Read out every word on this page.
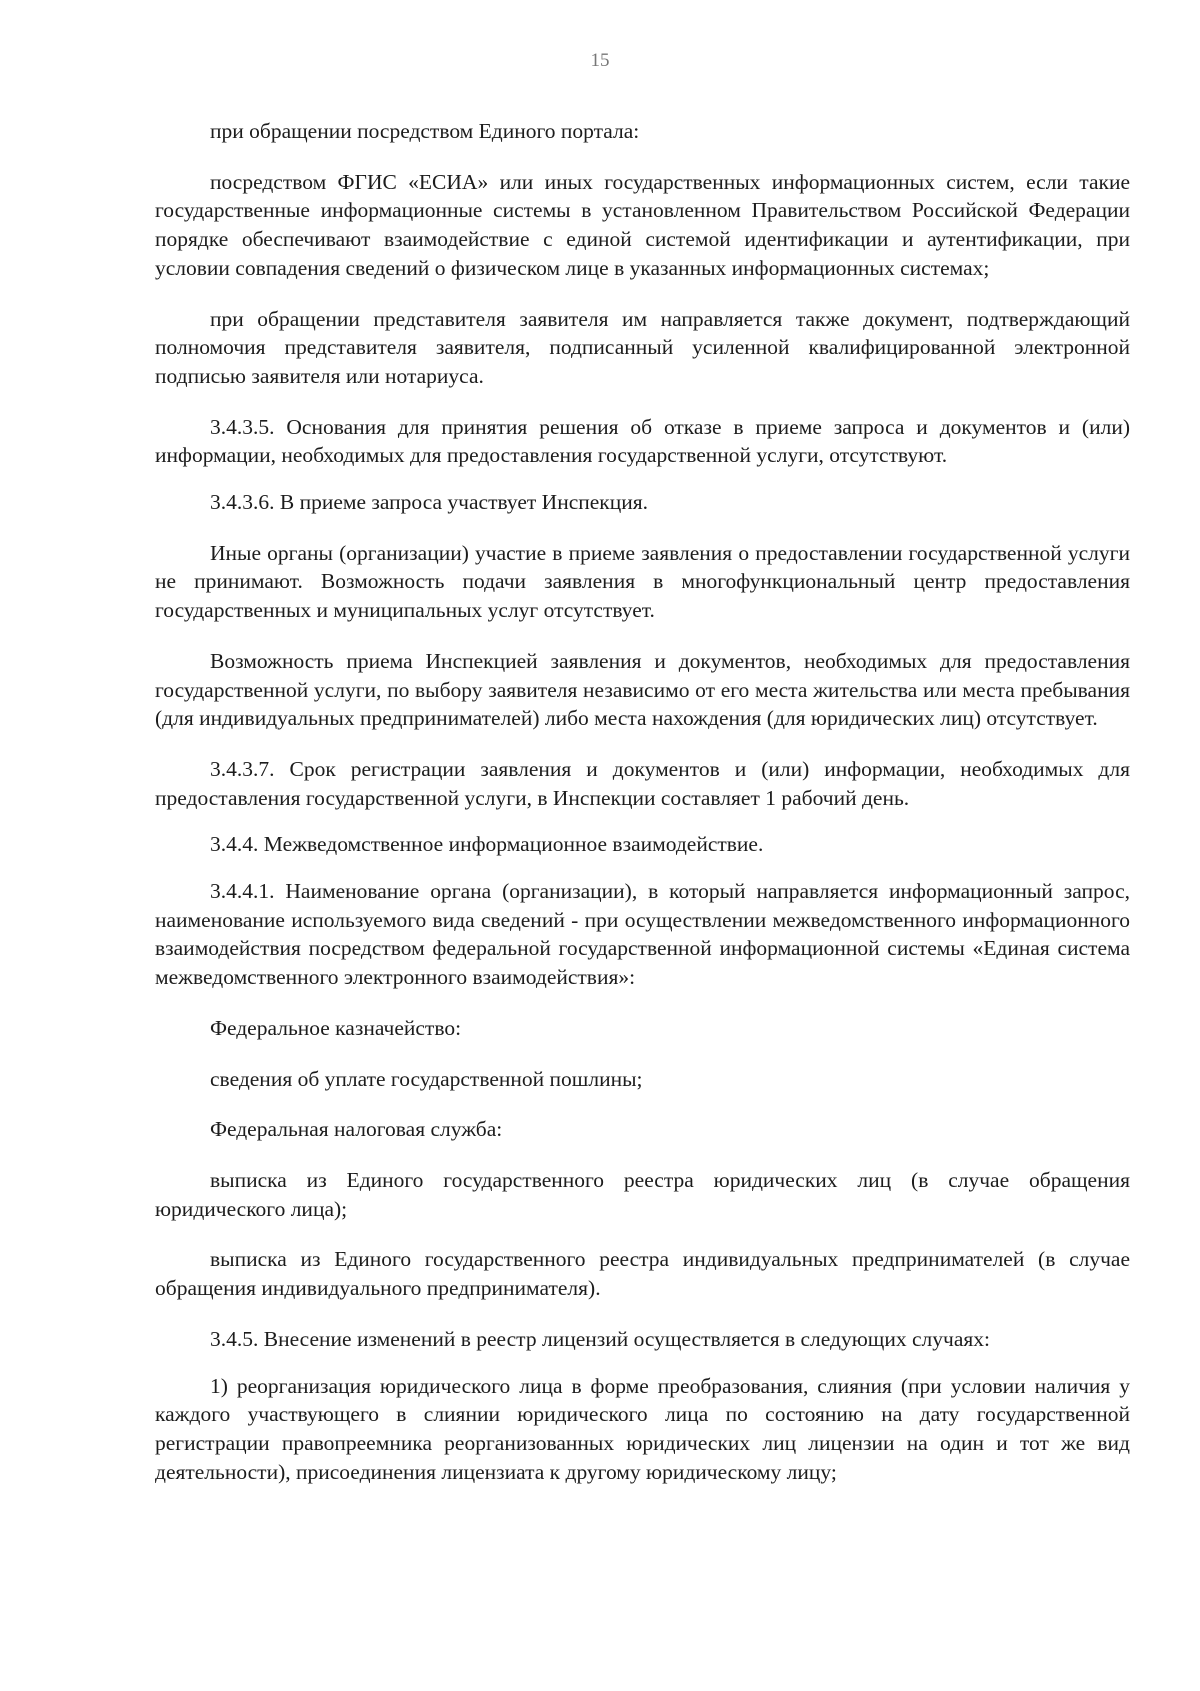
15

при обращении посредством Единого портала:

посредством ФГИС «ЕСИА» или иных государственных информационных систем, если такие государственные информационные системы в установленном Правительством Российской Федерации порядке обеспечивают взаимодействие с единой системой идентификации и аутентификации, при условии совпадения сведений о физическом лице в указанных информационных системах;

при обращении представителя заявителя им направляется также документ, подтверждающий полномочия представителя заявителя, подписанный усиленной квалифицированной электронной подписью заявителя или нотариуса.

3.4.3.5. Основания для принятия решения об отказе в приеме запроса и документов и (или) информации, необходимых для предоставления государственной услуги, отсутствуют.

3.4.3.6. В приеме запроса участвует Инспекция.

Иные органы (организации) участие в приеме заявления о предоставлении государственной услуги не принимают. Возможность подачи заявления в многофункциональный центр предоставления государственных и муниципальных услуг отсутствует.

Возможность приема Инспекцией заявления и документов, необходимых для предоставления государственной услуги, по выбору заявителя независимо от его места жительства или места пребывания (для индивидуальных предпринимателей) либо места нахождения (для юридических лиц) отсутствует.

3.4.3.7. Срок регистрации заявления и документов и (или) информации, необходимых для предоставления государственной услуги, в Инспекции составляет 1 рабочий день.

3.4.4. Межведомственное информационное взаимодействие.

3.4.4.1. Наименование органа (организации), в который направляется информационный запрос, наименование используемого вида сведений - при осуществлении межведомственного информационного взаимодействия посредством федеральной государственной информационной системы «Единая система межведомственного электронного взаимодействия»:

Федеральное казначейство:

сведения об уплате государственной пошлины;

Федеральная налоговая служба:

выписка из Единого государственного реестра юридических лиц (в случае обращения юридического лица);

выписка из Единого государственного реестра индивидуальных предпринимателей (в случае обращения индивидуального предпринимателя).

3.4.5. Внесение изменений в реестр лицензий осуществляется в следующих случаях:

1) реорганизация юридического лица в форме преобразования, слияния (при условии наличия у каждого участвующего в слиянии юридического лица по состоянию на дату государственной регистрации правопреемника реорганизованных юридических лиц лицензии на один и тот же вид деятельности), присоединения лицензиата к другому юридическому лицу;
